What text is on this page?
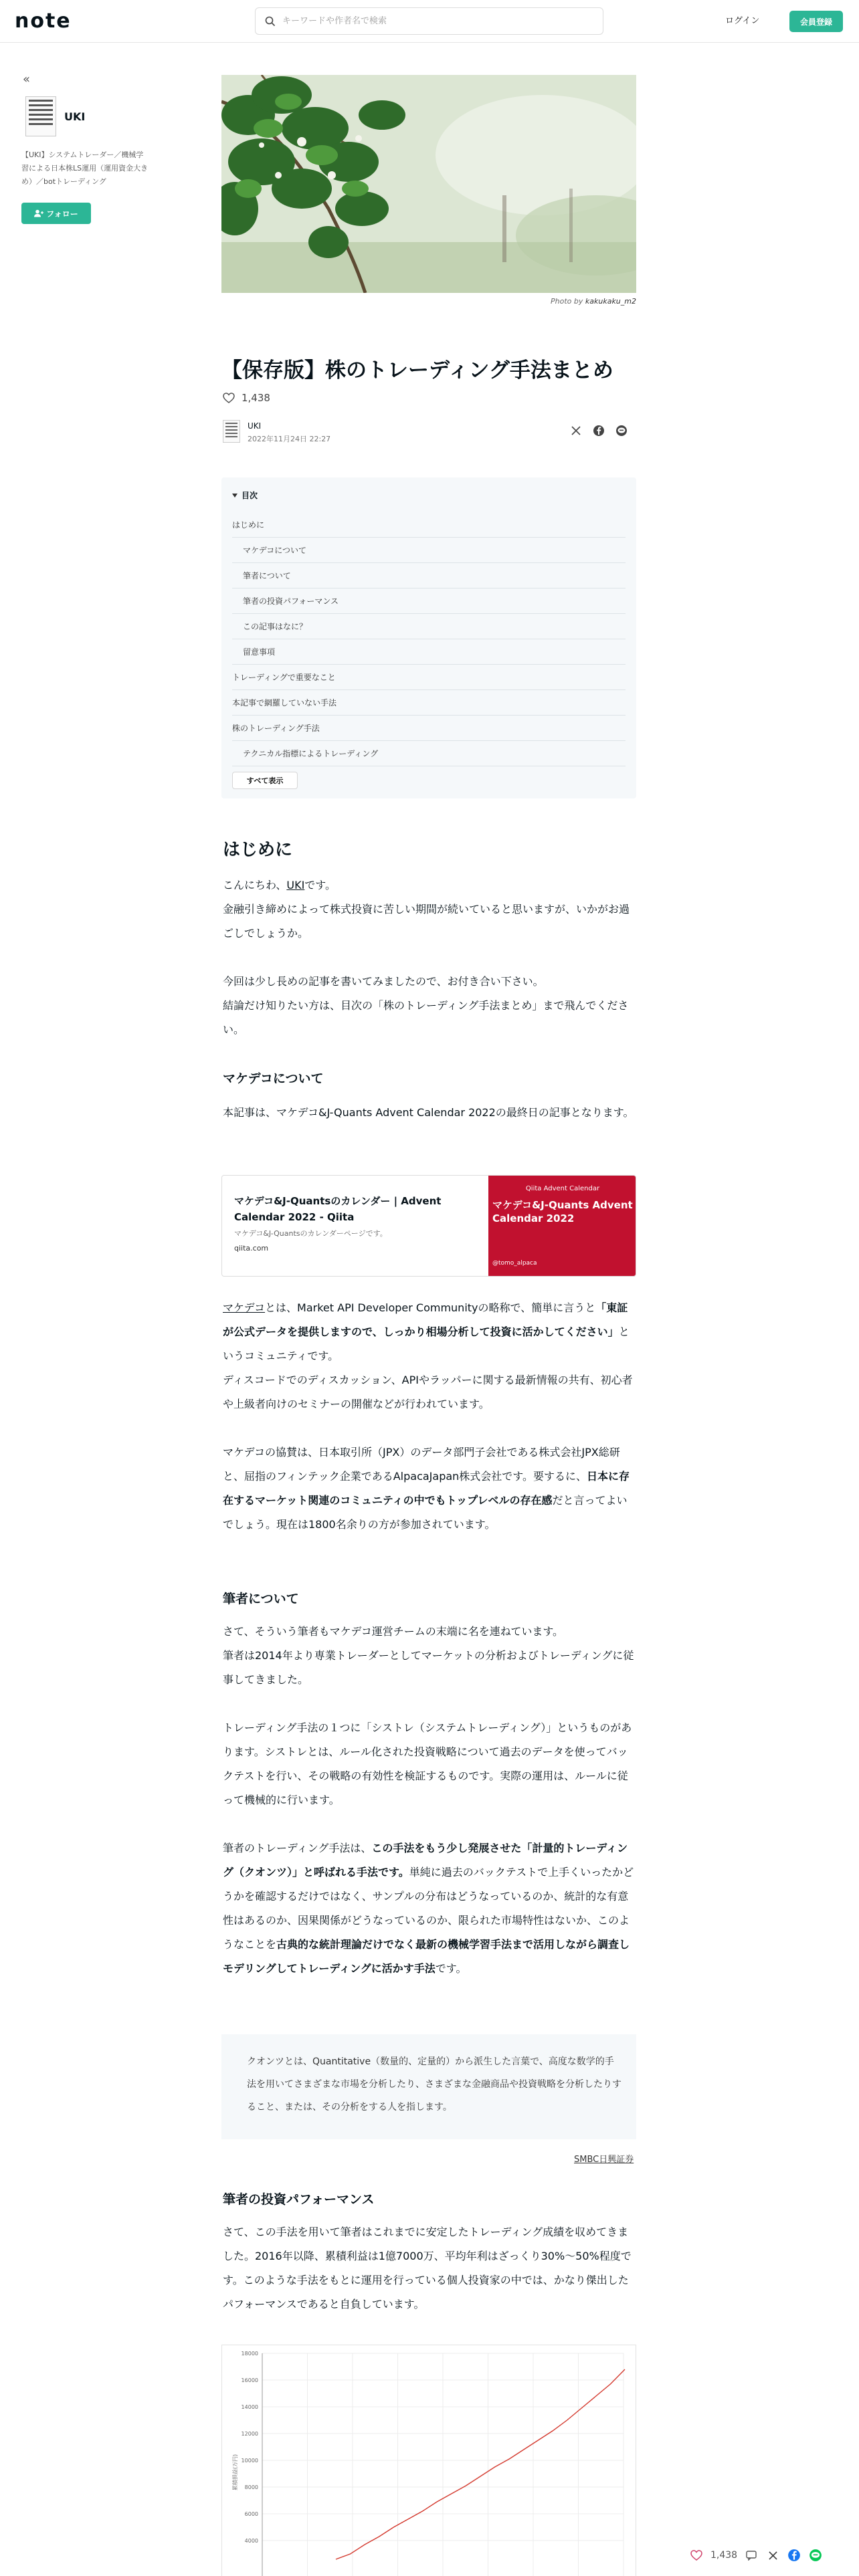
note
キーワードや作者名で検索	ログイン	会員登録
«
UKI
【UKI】システムトレーダー／機械学習による日本株LS運用（運用資金大きめ）／botトレーディング
フォロー
Photo by kakukaku_m2
【保存版】株のトレーディング手法まとめ
1,438
UKI
2022年11月24日 22:27
目次
はじめに
マケデコについて
筆者について
筆者の投資パフォーマンス
この記事はなに？
留意事項
トレーディングで重要なこと
本記事で網羅していない手法
株のトレーディング手法
テクニカル指標によるトレーディング
すべて表示
はじめに
こんにちわ、UKIです。
金融引き締めによって株式投資に苦しい期間が続いていると思いますが、いかがお過ごしでしょうか。
今回は少し長めの記事を書いてみましたので、お付き合い下さい。
結論だけ知りたい方は、目次の「株のトレーディング手法まとめ」まで飛んでください。
マケデコについて
本記事は、マケデコ&J-Quants Advent Calendar 2022の最終日の記事となります。
マケデコ&J-Quantsのカレンダー | Advent Calendar 2022 - Qiita
マケデコ&J-Quantsのカレンダーページです。
qiita.com
Qiita Advent Calendar
マケデコ&J-Quants Advent Calendar 2022
@tomo_alpaca
マケデコとは、Market API Developer Communityの略称で、簡単に言うと「東証が公式データを提供しますので、しっかり相場分析して投資に活かしてください」というコミュニティです。
ディスコードでのディスカッション、APIやラッパーに関する最新情報の共有、初心者や上級者向けのセミナーの開催などが行われています。
マケデコの協賛は、日本取引所（JPX）のデータ部門子会社である株式会社JPX総研と、屈指のフィンテック企業であるAlpacaJapan株式会社です。要するに、日本に存在するマーケット関連のコミュニティの中でもトップレベルの存在感だと言ってよいでしょう。現在は1800名余りの方が参加されています。
筆者について
さて、そういう筆者もマケデコ運営チームの末端に名を連ねています。
筆者は2014年より専業トレーダーとしてマーケットの分析およびトレーディングに従事してきました。
トレーディング手法の１つに「シストレ（システムトレーディング）」というものがあります。シストレとは、ルール化された投資戦略について過去のデータを使ってバックテストを行い、その戦略の有効性を検証するものです。実際の運用は、ルールに従って機械的に行います。
筆者のトレーディング手法は、この手法をもう少し発展させた「計量的トレーディング（クオンツ）」と呼ばれる手法です。単純に過去のバックテストで上手くいったかどうかを確認するだけではなく、サンプルの分布はどうなっているのか、統計的な有意性はあるのか、因果関係がどうなっているのか、限られた市場特性はないか、このようなことを古典的な統計理論だけでなく最新の機械学習手法まで活用しながら調査しモデリングしてトレーディングに活かす手法です。

クオンツとは、Quantitative（数量的、定量的）から派生した言葉で、高度な数学的手法を用いてさまざまな市場を分析したり、さまざまな金融商品や投資戦略を分析したりすること、または、その分析をする人を指します。

SMBC日興証券
筆者の投資パフォーマンス
さて、この手法を用いて筆者はこれまでに安定したトレーディング成績を収めてきました。2016年以降、累積利益は1億7000万、平均年利はざっくり30%〜50%程度です。このような手法をもとに運用を行っている個人投資家の中では、かなり傑出したパフォーマンスであると自負しています。
18000
16000
14000
12000
10000
8000
6000
4000
累積損益(万円)
1,438
